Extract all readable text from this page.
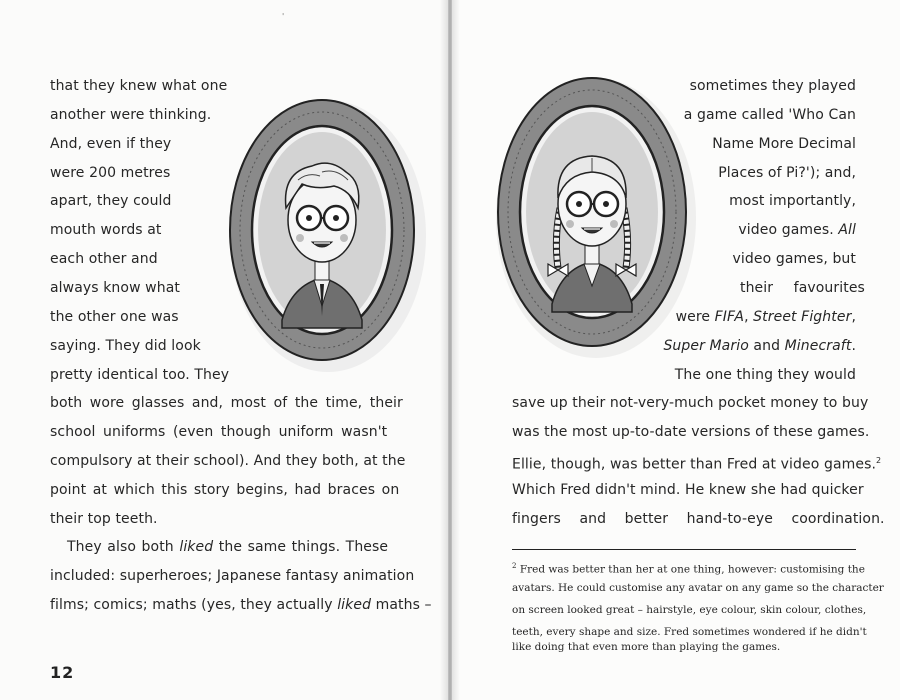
'
that they knew what one
another were thinking.
And, even if they
were 200 metres
apart, they could
mouth words at
each other and
always know what
the other one was
saying. They did look
pretty identical too. They
both wore glasses and, most of the time, their
school uniforms (even though uniform wasn't
compulsory at their school). And they both, at the
point at which this story begins, had braces on
their top teeth.
They also both liked the same things. These
included: superheroes; Japanese fantasy animation
films; comics; maths (yes, they actually liked maths –
12
sometimes they played
a game called 'Who Can
Name More Decimal
Places of Pi?'); and,
most importantly,
video games. All
video games, but
their favourites
were FIFA, Street Fighter,
Super Mario and Minecraft.
The one thing they would
save up their not-very-much pocket money to buy
was the most up-to-date versions of these games.
Ellie, though, was better than Fred at video games.$^2$
Which Fred didn't mind. He knew she had quicker
fingers and better hand-to-eye coordination.
$^2$ Fred was better than her at one thing, however: customising the
avatars. He could customise any avatar on any game so the character
on screen looked great – hairstyle, eye colour, skin colour, clothes,
teeth, every shape and size. Fred sometimes wondered if he didn't
like doing that even more than playing the games.
